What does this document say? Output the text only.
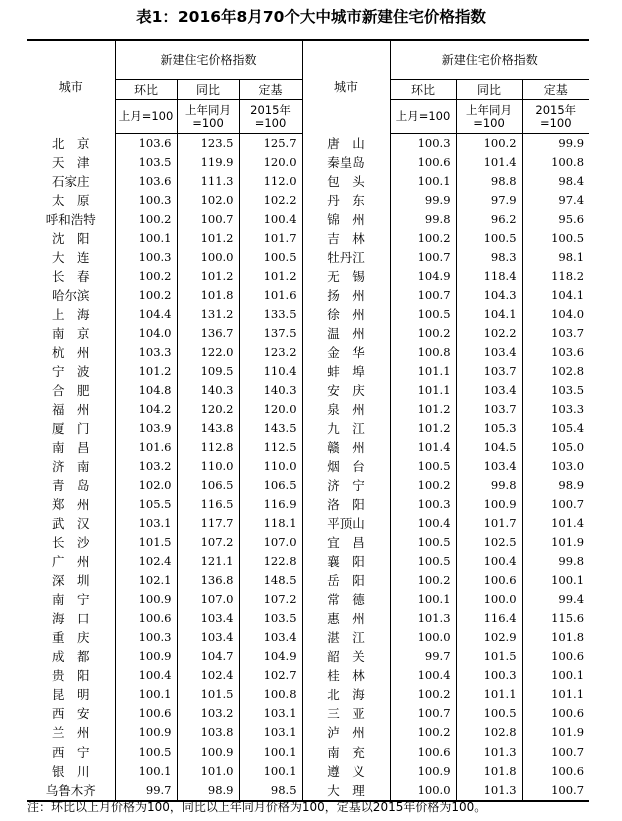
表1：2016年8月70个大中城市新建住宅价格指数
城市	新建住宅价格指数			城市	新建住宅价格指数		
	环比	同比	定基		环比	同比	定基
	上月=100	上年同月=100	2015年=100		上月=100	上年同月=100	2015年=100
北　京	103.6	123.5	125.7	唐　山	100.3	100.2	99.9
天　津	103.5	119.9	120.0	秦皇岛	100.6	101.4	100.8
石家庄	103.6	111.3	112.0	包　头	100.1	98.8	98.4
太　原	100.3	102.0	102.2	丹　东	99.9	97.9	97.4
呼和浩特	100.2	100.7	100.4	锦　州	99.8	96.2	95.6
沈　阳	100.1	101.2	101.7	吉　林	100.2	100.5	100.5
大　连	100.3	100.0	100.5	牡丹江	100.7	98.3	98.1
长　春	100.2	101.2	101.2	无　锡	104.9	118.4	118.2
哈尔滨	100.2	101.8	101.6	扬　州	100.7	104.3	104.1
上　海	104.4	131.2	133.5	徐　州	100.5	104.1	104.0
南　京	104.0	136.7	137.5	温　州	100.2	102.2	103.7
杭　州	103.3	122.0	123.2	金　华	100.8	103.4	103.6
宁　波	101.2	109.5	110.4	蚌　埠	101.1	103.7	102.8
合　肥	104.8	140.3	140.3	安　庆	101.1	103.4	103.5
福　州	104.2	120.2	120.0	泉　州	101.2	103.7	103.3
厦　门	103.9	143.8	143.5	九　江	101.2	105.3	105.4
南　昌	101.6	112.8	112.5	赣　州	101.4	104.5	105.0
济　南	103.2	110.0	110.0	烟　台	100.5	103.4	103.0
青　岛	102.0	106.5	106.5	济　宁	100.2	99.8	98.9
郑　州	105.5	116.5	116.9	洛　阳	100.3	100.9	100.7
武　汉	103.1	117.7	118.1	平顶山	100.4	101.7	101.4
长　沙	101.5	107.2	107.0	宜　昌	100.5	102.5	101.9
广　州	102.4	121.1	122.8	襄　阳	100.5	100.4	99.8
深　圳	102.1	136.8	148.5	岳　阳	100.2	100.6	100.1
南　宁	100.9	107.0	107.2	常　德	100.1	100.0	99.4
海　口	100.6	103.4	103.5	惠　州	101.3	116.4	115.6
重　庆	100.3	103.4	103.4	湛　江	100.0	102.9	101.8
成　都	100.9	104.7	104.9	韶　关	99.7	101.5	100.6
贵　阳	100.4	102.4	102.7	桂　林	100.4	100.3	100.1
昆　明	100.1	101.5	100.8	北　海	100.2	101.1	101.1
西　安	100.6	103.2	103.1	三　亚	100.7	100.5	100.6
兰　州	100.9	103.8	103.1	泸　州	100.2	102.8	101.9
西　宁	100.5	100.9	100.1	南　充	100.6	101.3	100.7
银　川	100.1	101.0	100.1	遵　义	100.9	101.8	100.6
乌鲁木齐	99.7	98.9	98.5	大　理	100.0	101.3	100.7
注：环比以上月价格为100，同比以上年同月价格为100，定基以2015年价格为100。
